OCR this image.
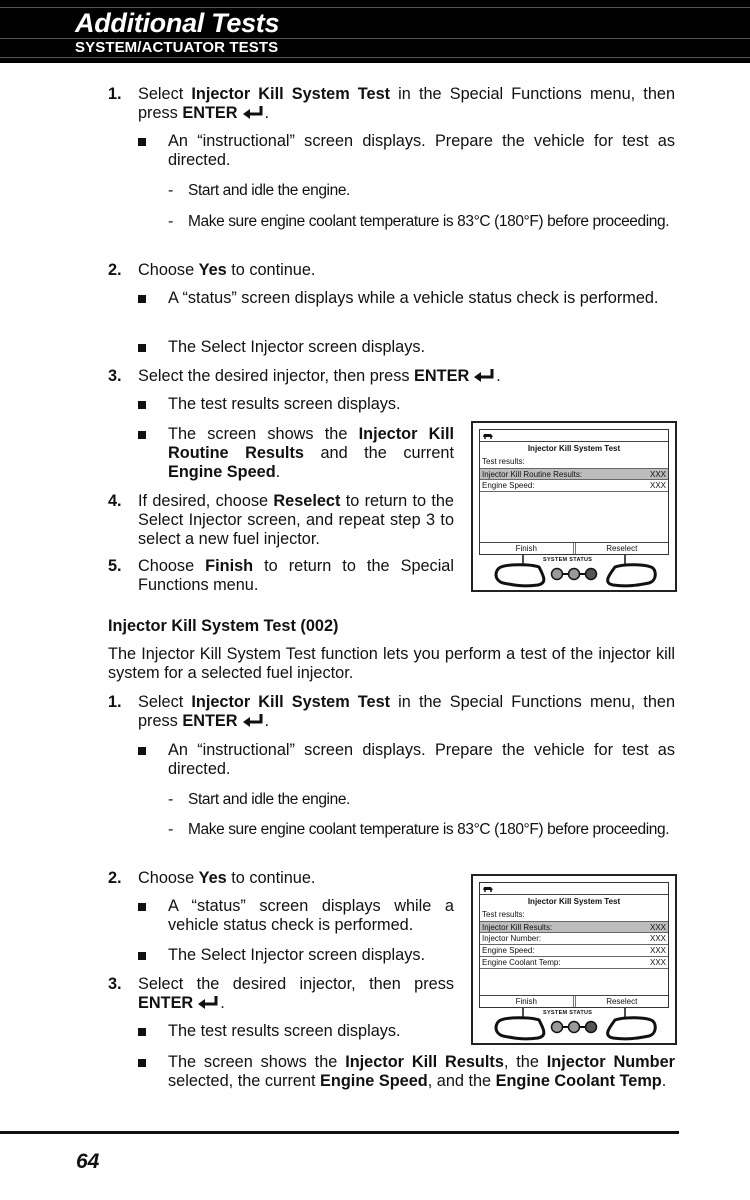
Additional Tests
SYSTEM/ACTUATOR TESTS
1. Select Injector Kill System Test in the Special Functions menu, then press ENTER .
An “instructional” screen displays. Prepare the vehicle for test as directed.
- Start and idle the engine.
- Make sure engine coolant temperature is 83°C (180°F) before proceeding.
2. Choose Yes to continue.
A “status” screen displays while a vehicle status check is performed.
The Select Injector screen displays.
3. Select the desired injector, then press ENTER .
The test results screen displays.
The screen shows the Injector Kill Routine Results and the current Engine Speed.
4. If desired, choose Reselect to return to the Select Injector screen, and repeat step 3 to select a new fuel injector.
5. Choose Finish to return to the Special Functions menu.
Injector Kill System Test
Test results:
Injector Kill Routine Results:	XXX
Engine Speed:	XXX
Finish	Reselect
SYSTEM STATUS
Injector Kill System Test (002)
The Injector Kill System Test function lets you perform a test of the injector kill system for a selected fuel injector.
1. Select Injector Kill System Test in the Special Functions menu, then press ENTER .
An “instructional” screen displays. Prepare the vehicle for test as directed.
- Start and idle the engine.
- Make sure engine coolant temperature is 83°C (180°F) before proceeding.
2. Choose Yes to continue.
A “status” screen displays while a vehicle status check is performed.
The Select Injector screen displays.
3. Select the desired injector, then press ENTER .
The test results screen displays.
The screen shows the Injector Kill Results, the Injector Number selected, the current Engine Speed, and the Engine Coolant Temp.
Injector Kill System Test
Test results:
Injector Kill Results:	XXX
Injector Number:	XXX
Engine Speed:	XXX
Engine Coolant Temp:	XXX
Finish	Reselect
SYSTEM STATUS
64
